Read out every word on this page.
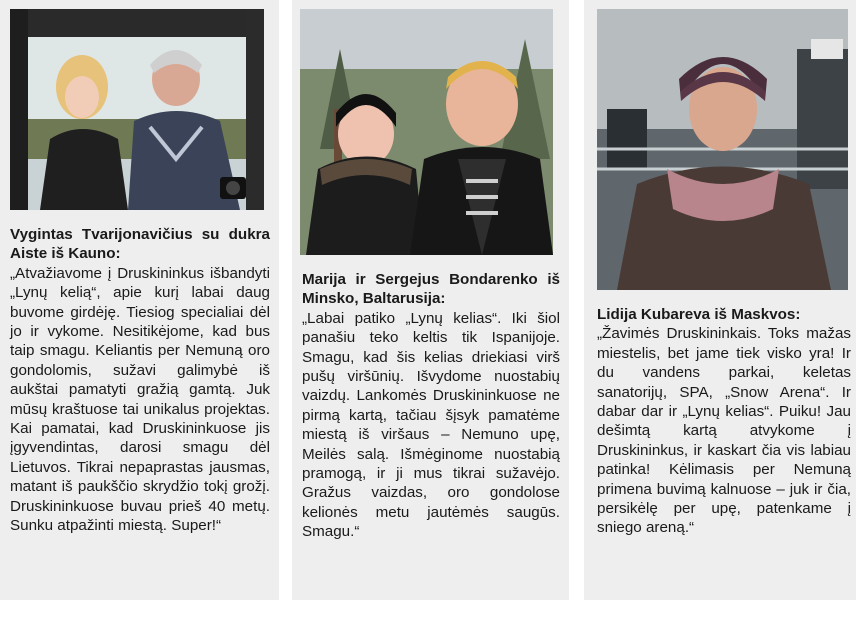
Vygintas Tvarijonavičius su dukra Aiste iš Kauno:
„Atvažiavome į Druskininkus išbandyti „Lynų kelią“, apie kurį labai daug buvome girdėję. Tiesiog specialiai dėl jo ir vykome. Nesitikėjome, kad bus taip smagu. Keliantis per Nemuną oro gondolomis, sužavi galimybė iš aukštai pamatyti gražią gamtą. Juk mūsų kraštuose tai unikalus projektas. Kai pamatai, kad Druskininkuose jis įgyvendintas, darosi smagu dėl Lietuvos. Tikrai nepaprastas jausmas, matant iš paukščio skrydžio tokį grožį. Druskininkuose buvau prieš 40 metų. Sunku atpažinti miestą. Super!“
Marija ir Sergejus Bondarenko iš Minsko, Baltarusija:
„Labai patiko „Lynų kelias“. Iki šiol panašiu teko keltis tik Ispanijoje. Smagu, kad šis kelias driekiasi virš pušų viršūnių. Išvydome nuostabių vaizdų. Lankomės Druskininkuose ne pirmą kartą, tačiau šįsyk pamatėme miestą iš viršaus – Nemuno upę, Meilės salą. Išmėginome nuostabią pramogą, ir ji mus tikrai sužavėjo. Gražus vaizdas, oro gondolose kelionės metu jautėmės saugūs. Smagu.“
Lidija Kubareva iš Maskvos:
„Žavimės Druskininkais. Toks mažas miestelis, bet jame tiek visko yra! Ir du vandens parkai, keletas sanatorijų, SPA, „Snow Arena“. Ir dabar dar ir „Lynų kelias“. Puiku! Jau dešimtą kartą atvykome į Druskininkus, ir kaskart čia vis labiau patinka! Kėlimasis per Nemuną primena buvimą kalnuose – juk ir čia, persikėlę per upę, patenkame į sniego areną.“
